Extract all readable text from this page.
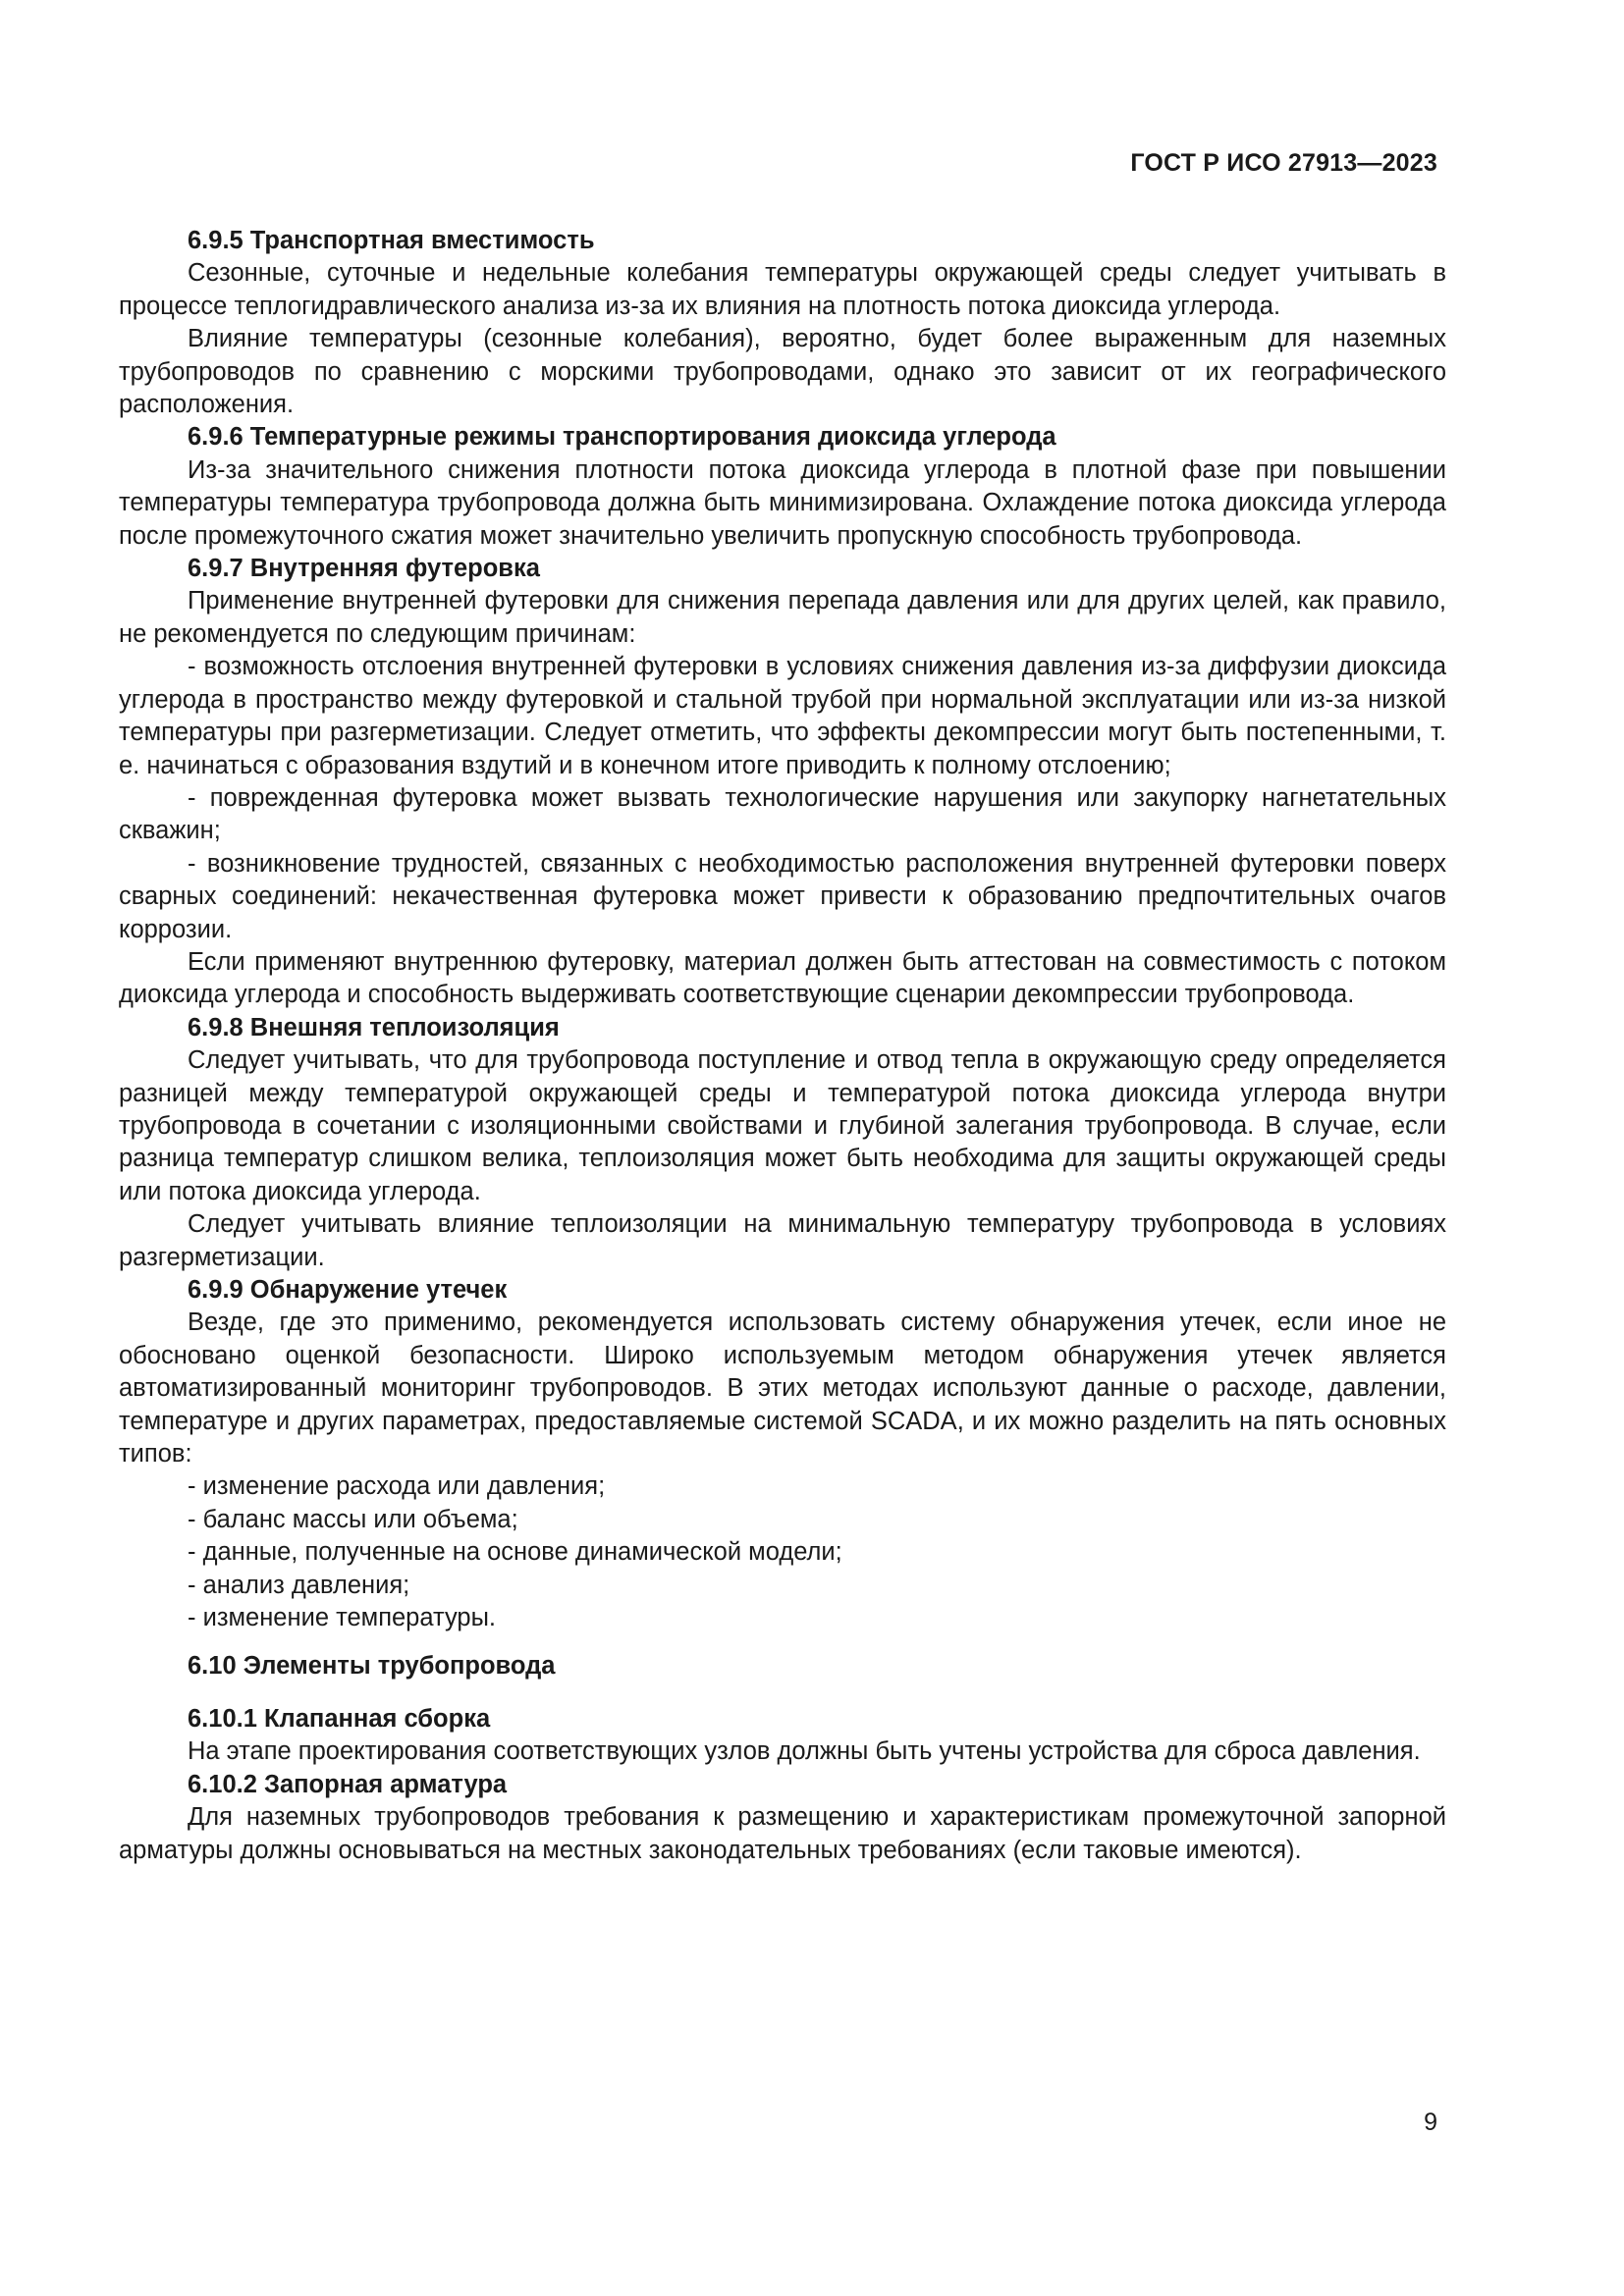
ГОСТ Р ИСО 27913—2023
6.9.5 Транспортная вместимость

Сезонные, суточные и недельные колебания температуры окружающей среды следует учитывать в процессе теплогидравлического анализа из-за их влияния на плотность потока диоксида углерода.

Влияние температуры (сезонные колебания), вероятно, будет более выраженным для наземных трубопроводов по сравнению с морскими трубопроводами, однако это зависит от их географического расположения.

6.9.6 Температурные режимы транспортирования диоксида углерода

Из-за значительного снижения плотности потока диоксида углерода в плотной фазе при повышении температуры температура трубопровода должна быть минимизирована. Охлаждение потока диоксида углерода после промежуточного сжатия может значительно увеличить пропускную способность трубопровода.

6.9.7 Внутренняя футеровка

Применение внутренней футеровки для снижения перепада давления или для других целей, как правило, не рекомендуется по следующим причинам:

- возможность отслоения внутренней футеровки в условиях снижения давления из-за диффузии диоксида углерода в пространство между футеровкой и стальной трубой при нормальной эксплуатации или из-за низкой температуры при разгерметизации. Следует отметить, что эффекты декомпрессии могут быть постепенными, т. е. начинаться с образования вздутий и в конечном итоге приводить к полному отслоению;
- поврежденная футеровка может вызвать технологические нарушения или закупорку нагнетательных скважин;
- возникновение трудностей, связанных с необходимостью расположения внутренней футеровки поверх сварных соединений: некачественная футеровка может привести к образованию предпочтительных очагов коррозии.

Если применяют внутреннюю футеровку, материал должен быть аттестован на совместимость с потоком диоксида углерода и способность выдерживать соответствующие сценарии декомпрессии трубопровода.

6.9.8 Внешняя теплоизоляция

Следует учитывать, что для трубопровода поступление и отвод тепла в окружающую среду определяется разницей между температурой окружающей среды и температурой потока диоксида углерода внутри трубопровода в сочетании с изоляционными свойствами и глубиной залегания трубопровода. В случае, если разница температур слишком велика, теплоизоляция может быть необходима для защиты окружающей среды или потока диоксида углерода.

Следует учитывать влияние теплоизоляции на минимальную температуру трубопровода в условиях разгерметизации.

6.9.9 Обнаружение утечек

Везде, где это применимо, рекомендуется использовать систему обнаружения утечек, если иное не обосновано оценкой безопасности. Широко используемым методом обнаружения утечек является автоматизированный мониторинг трубопроводов. В этих методах используют данные о расходе, давлении, температуре и других параметрах, предоставляемые системой SCADA, и их можно разделить на пять основных типов:

- изменение расхода или давления;
- баланс массы или объема;
- данные, полученные на основе динамической модели;
- анализ давления;
- изменение температуры.
6.10 Элементы трубопровода
6.10.1 Клапанная сборка

На этапе проектирования соответствующих узлов должны быть учтены устройства для сброса давления.

6.10.2 Запорная арматура

Для наземных трубопроводов требования к размещению и характеристикам промежуточной запорной арматуры должны основываться на местных законодательных требованиях (если таковые имеются).

9
